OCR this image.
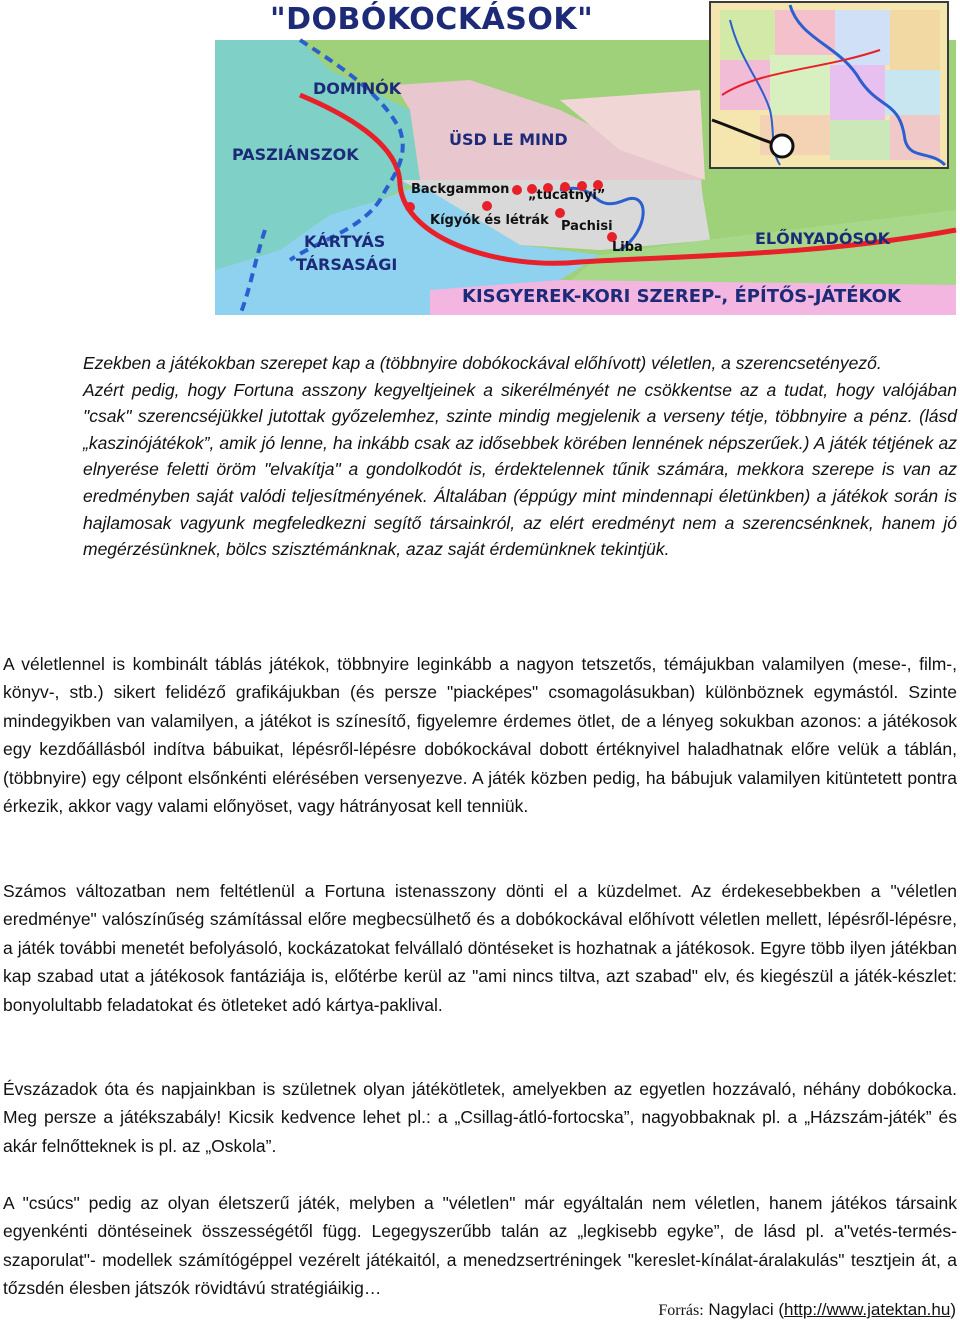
"DOBÓKOCKÁSOK"
DOMINÓK
PASZIÁNSZOK
ÜSD LE MIND
Backgammon „tucatnyi”
Kígyók és létrák Pachisi
Liba
KÁRTYÁS
TÁRSASÁGI
ELŐNYADÓSOK
KISGYEREK-KORI SZEREP-, ÉPÍTŐS-JÁTÉKOK

Ezekben a játékokban szerepet kap a (többnyire dobókockával előhívott) véletlen, a szerencsetényező.

Azért pedig, hogy Fortuna asszony kegyeltjeinek a sikerélményét ne csökkentse az a tudat, hogy valójában "csak" szerencséjükkel jutottak győzelemhez, szinte mindig megjelenik a verseny tétje, többnyire a pénz. (lásd „kaszinójátékok”, amik jó lenne, ha inkább csak az idősebbek körében lennének népszerűek.) A játék tétjének az elnyerése feletti öröm "elvakítja" a gondolkodót is, érdektelennek tűnik számára, mekkora szerepe is van az eredményben saját valódi teljesítményének. Általában (éppúgy mint mindennapi életünkben) a játékok során is hajlamosak vagyunk megfeledkezni segítő társainkról, az elért eredményt nem a szerencsénknek, hanem jó megérzésünknek, bölcs szisztémánknak, azaz saját érdemünknek tekintjük.

A véletlennel is kombinált táblás játékok, többnyire leginkább a nagyon tetszetős, témájukban valamilyen (mese-, film-, könyv-, stb.) sikert felidéző grafikájukban (és persze "piacképes" csomagolásukban) különböznek egymástól. Szinte mindegyikben van valamilyen, a játékot is színesítő, figyelemre érdemes ötlet, de a lényeg sokukban azonos: a játékosok egy kezdőállásból indítva bábuikat, lépésről-lépésre dobókockával dobott értéknyivel haladhatnak előre velük a táblán, (többnyire) egy célpont elsőnkénti elérésében versenyezve. A játék közben pedig, ha bábujuk valamilyen kitüntetett pontra érkezik, akkor vagy valami előnyöset, vagy hátrányosat kell tenniük.

Számos változatban nem feltétlenül a Fortuna istenasszony dönti el a küzdelmet. Az érdekesebbekben a "véletlen eredménye" valószínűség számítással előre megbecsülhető és a dobókockával előhívott véletlen mellett, lépésről-lépésre, a játék további menetét befolyásoló, kockázatokat felvállaló döntéseket is hozhatnak a játékosok. Egyre több ilyen játékban kap szabad utat a játékosok fantáziája is, előtérbe kerül az "ami nincs tiltva, azt szabad" elv, és kiegészül a játék-készlet: bonyolultabb feladatokat és ötleteket adó kártya-paklival.

Évszázadok óta és napjainkban is születnek olyan játékötletek, amelyekben az egyetlen hozzávaló, néhány dobókocka. Meg persze a játékszabály! Kicsik kedvence lehet pl.: a „Csillag-átló-fortocska”, nagyobbaknak pl. a „Házszám-játék” és akár felnőtteknek is pl. az „Oskola”.

A "csúcs" pedig az olyan életszerű játék, melyben a "véletlen" már egyáltalán nem véletlen, hanem játékos társaink egyenkénti döntéseinek összességétől függ. Legegyszerűbb talán az „legkisebb egyke”, de lásd pl. a"vetés-termés-szaporulat"- modellek számítógéppel vezérelt játékaitól, a menedzsertréningek "kereslet-kínálat-áralakulás" tesztjein át, a tőzsdén élesben játszók rövidtávú stratégiáikig…

Forrás: Nagylaci (http://www.jatektan.hu)
